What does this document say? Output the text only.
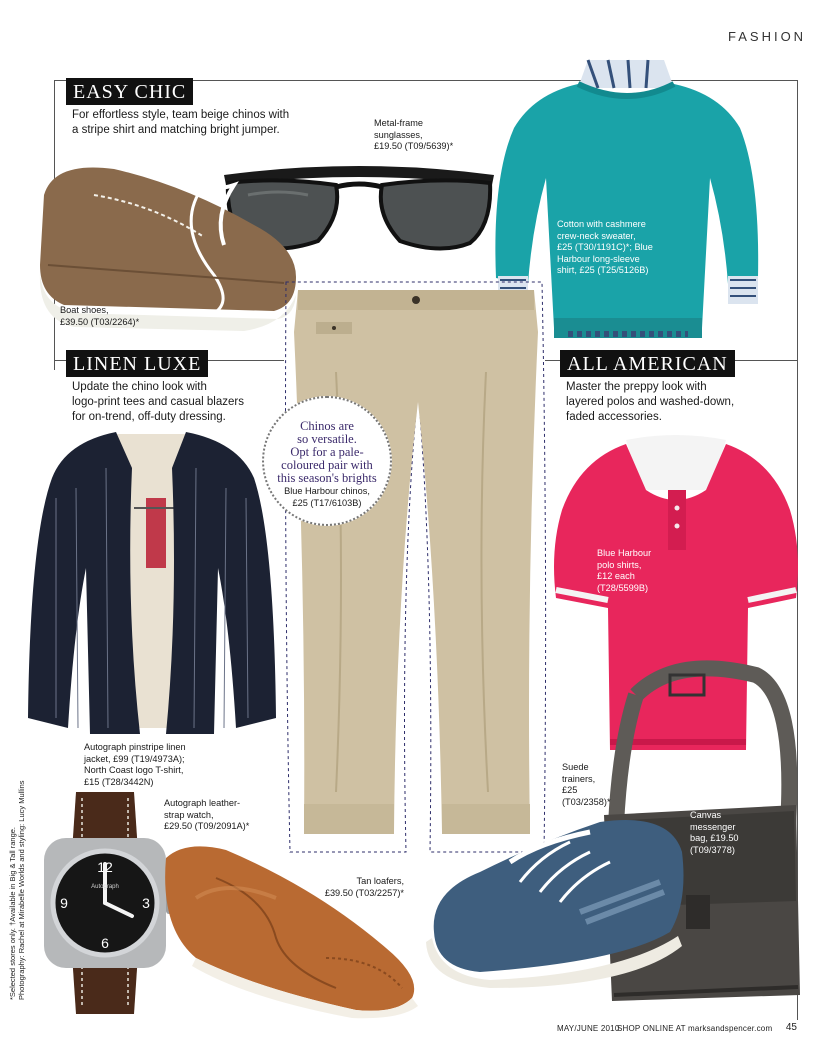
FASHION
EASY CHIC
For effortless style, team beige chinos with
a stripe shirt and matching bright jumper.
LINEN LUXE
Update the chino look with
logo-print tees and casual blazers
for on-trend, off-duty dressing.
ALL AMERICAN
Master the preppy look with
layered polos and washed-down,
faded accessories.
Metal-frame
sunglasses,
£19.50 (T09/5639)*
Boat shoes,
£39.50 (T03/2264)*
Cotton with cashmere
crew-neck sweater,
£25 (T30/1191C)*; Blue
Harbour long-sleeve
shirt, £25 (T25/5126B)
Chinos are
so versatile.
Opt for a pale-
coloured pair with
this season's brights
Blue Harbour chinos,
£25 (T17/6103B)
Autograph pinstripe linen
jacket, £99 (T19/4973A);
North Coast logo T-shirt,
£15 (T28/3442N)
Blue Harbour
polo shirts,
£12 each
(T28/5599B)
Canvas
messenger
bag, £19.50
(T09/3778)
12
3
6
9
Autograph
Autograph leather-
strap watch,
£29.50 (T09/2091A)*
Tan loafers,
£39.50 (T03/2257)*
Suede
trainers,
£25
(T03/2358)*
*Selected stores only. †Available in Big & Tall range. Photography: Rachel at Mirabelle Worlds and styling: Lucy Mullins
MAY/JUNE 2010
SHOP ONLINE AT marksandspencer.com 45
